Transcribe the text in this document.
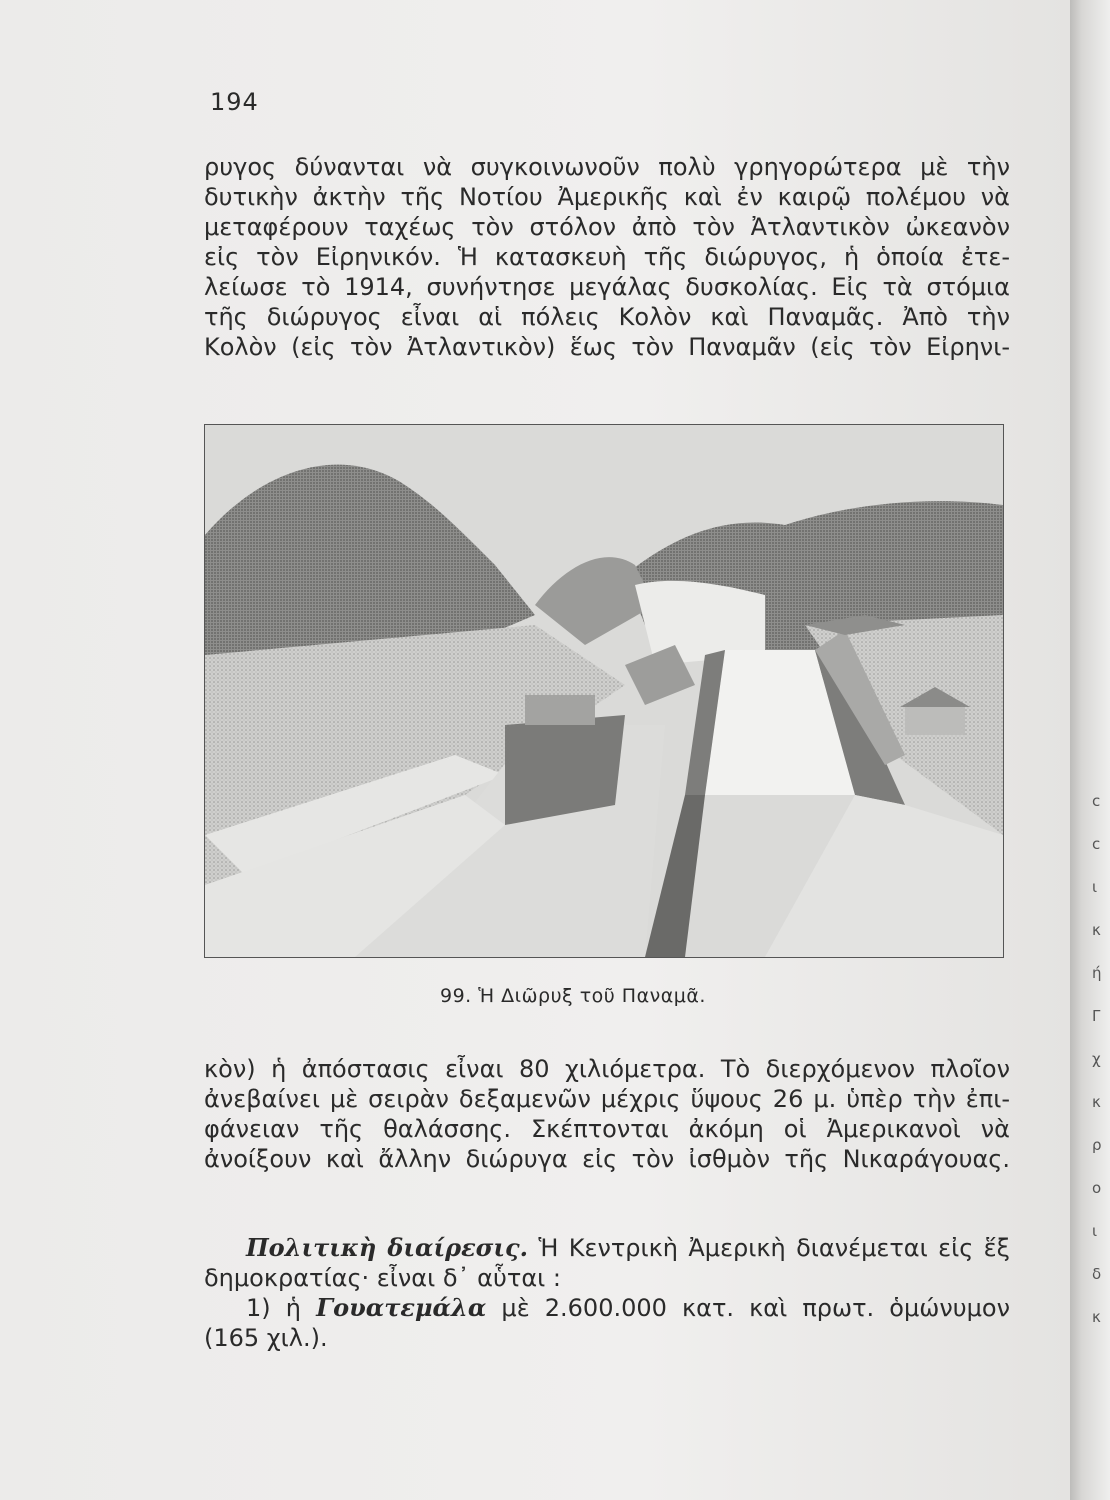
194

ρυγος δύνανται νὰ συγκοινωνοῦν πολὺ γρηγορώτερα μὲ τὴν
δυτικὴν ἀκτὴν τῆς Νοτίου Ἀμερικῆς καὶ ἐν καιρῷ πολέμου νὰ
μεταφέρουν ταχέως τὸν στόλον ἀπὸ τὸν Ἀτλαντικὸν ὠκεανὸν
εἰς τὸν Εἰρηνικόν. Ἡ κατασκευὴ τῆς διώρυγος, ἡ ὁποία ἐτε-
λείωσε τὸ 1914, συνήντησε μεγάλας δυσκολίας. Εἰς τὰ στόμια
τῆς διώρυγος εἶναι αἱ πόλεις Κολὸν καὶ Παναμᾶς. Ἀπὸ τὴν
Κολὸν (εἰς τὸν Ἀτλαντικὸν) ἕως τὸν Παναμᾶν (εἰς τὸν Εἰρηνι-

99. Ἡ Διῶρυξ τοῦ Παναμᾶ.

κὸν) ἡ ἀπόστασις εἶναι 80 χιλιόμετρα. Τὸ διερχόμενον πλοῖον
ἀνεβαίνει μὲ σειρὰν δεξαμενῶν μέχρις ὕψους 26 μ. ὑπὲρ τὴν ἐπι-
φάνειαν τῆς θαλάσσης. Σκέπτονται ἀκόμη οἱ Ἀμερικανοὶ νὰ
ἀνοίξουν καὶ ἄλλην διώρυγα εἰς τὸν ἰσθμὸν τῆς Νικαράγουας.

Πολιτικὴ διαίρεσις. Ἡ Κεντρικὴ Ἀμερικὴ διανέμεται εἰς ἕξ
δημοκρατίας· εἶναι δ᾽ αὗται :
1) ἡ Γουατεμάλα μὲ 2.600.000 κατ. καὶ πρωτ. ὁμώνυμον
(165 χιλ.).

c
c
ι
κ
ή
Γ
χ
κ
ρ
ο
ι
δ
κ
